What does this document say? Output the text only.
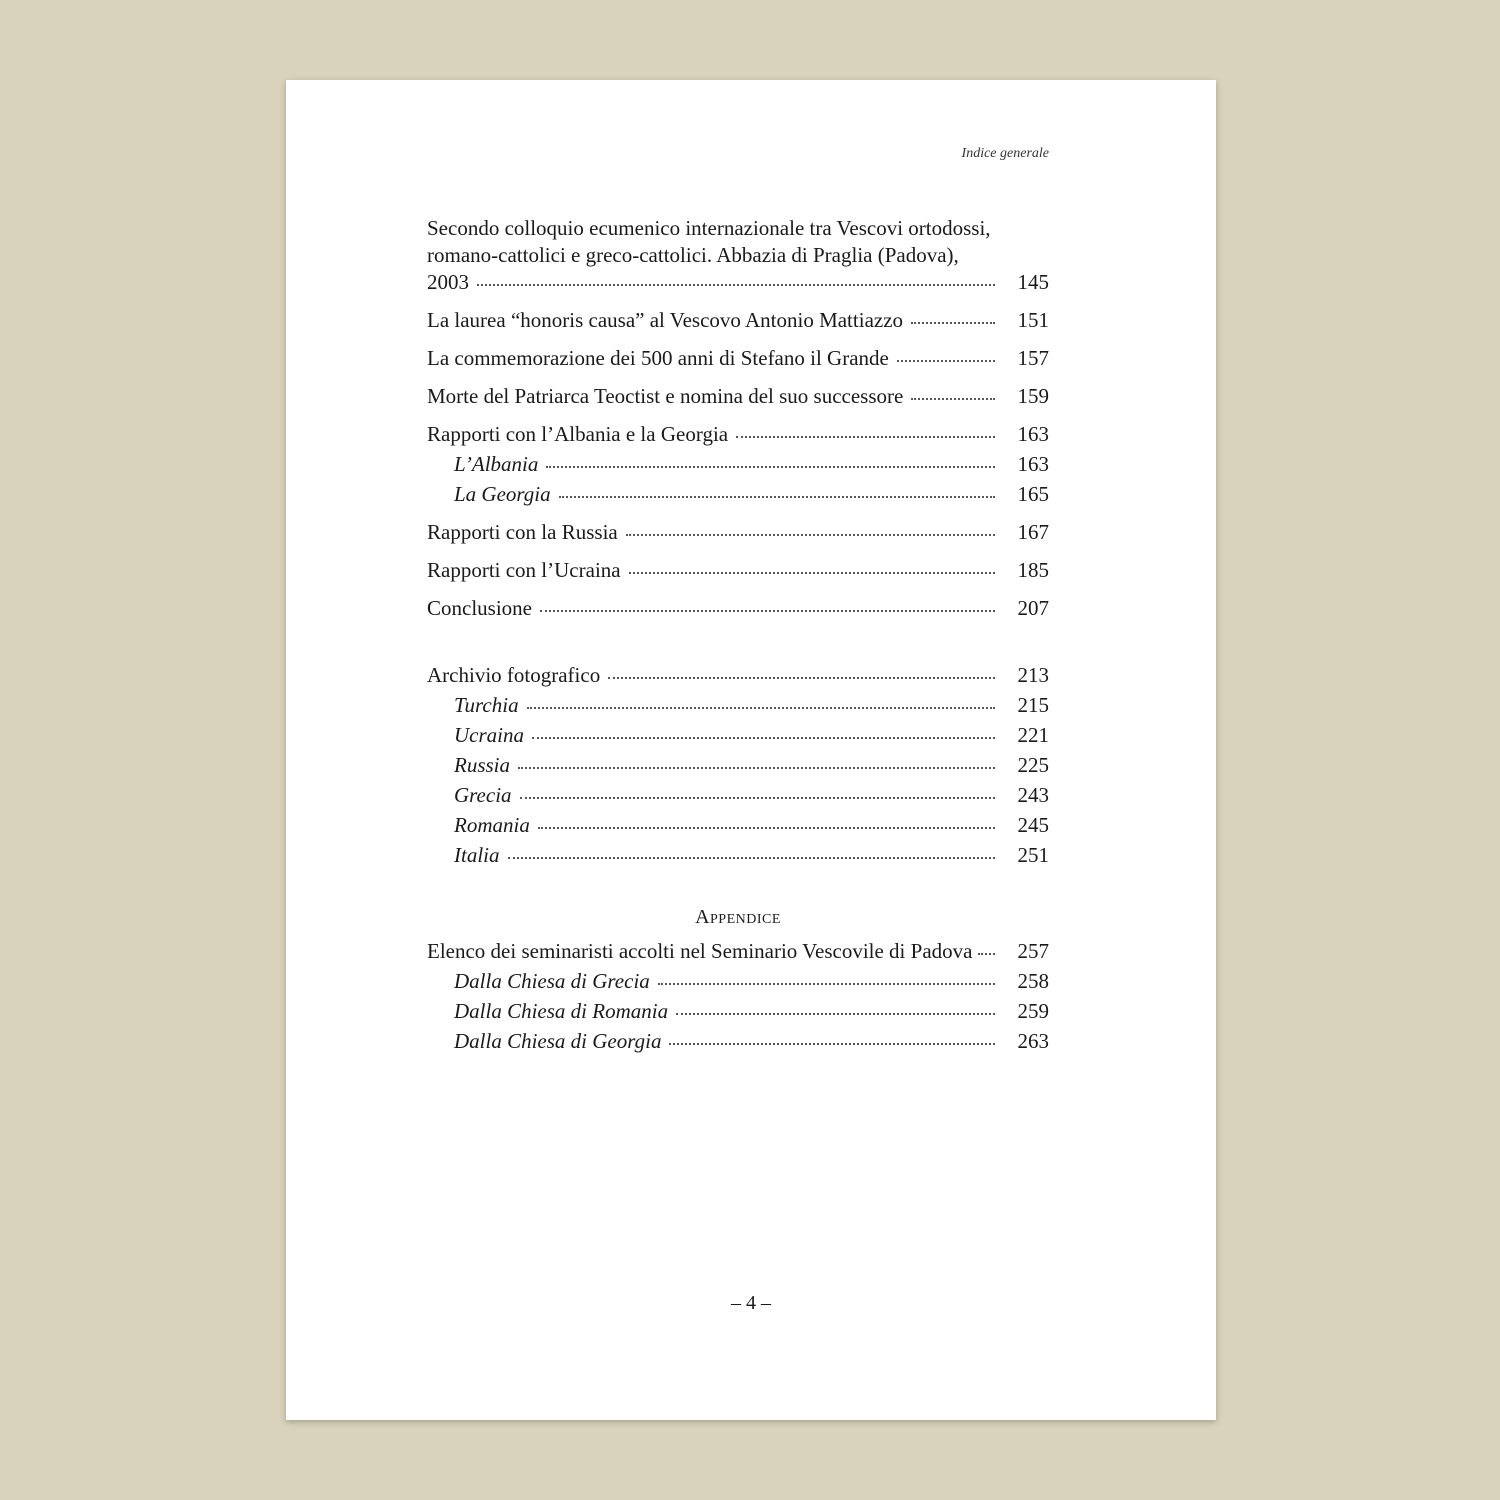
Indice generale
Secondo colloquio ecumenico internazionale tra Vescovi ortodossi,
romano-cattolici e greco-cattolici. Abbazia di Praglia (Padova),
2003	145
La laurea “honoris causa” al Vescovo Antonio Mattiazzo	151
La commemorazione dei 500 anni di Stefano il Grande	157
Morte del Patriarca Teoctist e nomina del suo successore	159
Rapporti con l’Albania e la Georgia	163
L’Albania	163
La Georgia	165
Rapporti con la Russia	167
Rapporti con l’Ucraina	185
Conclusione	207
Archivio fotografico	213
Turchia	215
Ucraina	221
Russia	225
Grecia	243
Romania	245
Italia	251
Appendice
Elenco dei seminaristi accolti nel Seminario Vescovile di Padova 257
Dalla Chiesa di Grecia	258
Dalla Chiesa di Romania	259
Dalla Chiesa di Georgia	263
– 4 –
